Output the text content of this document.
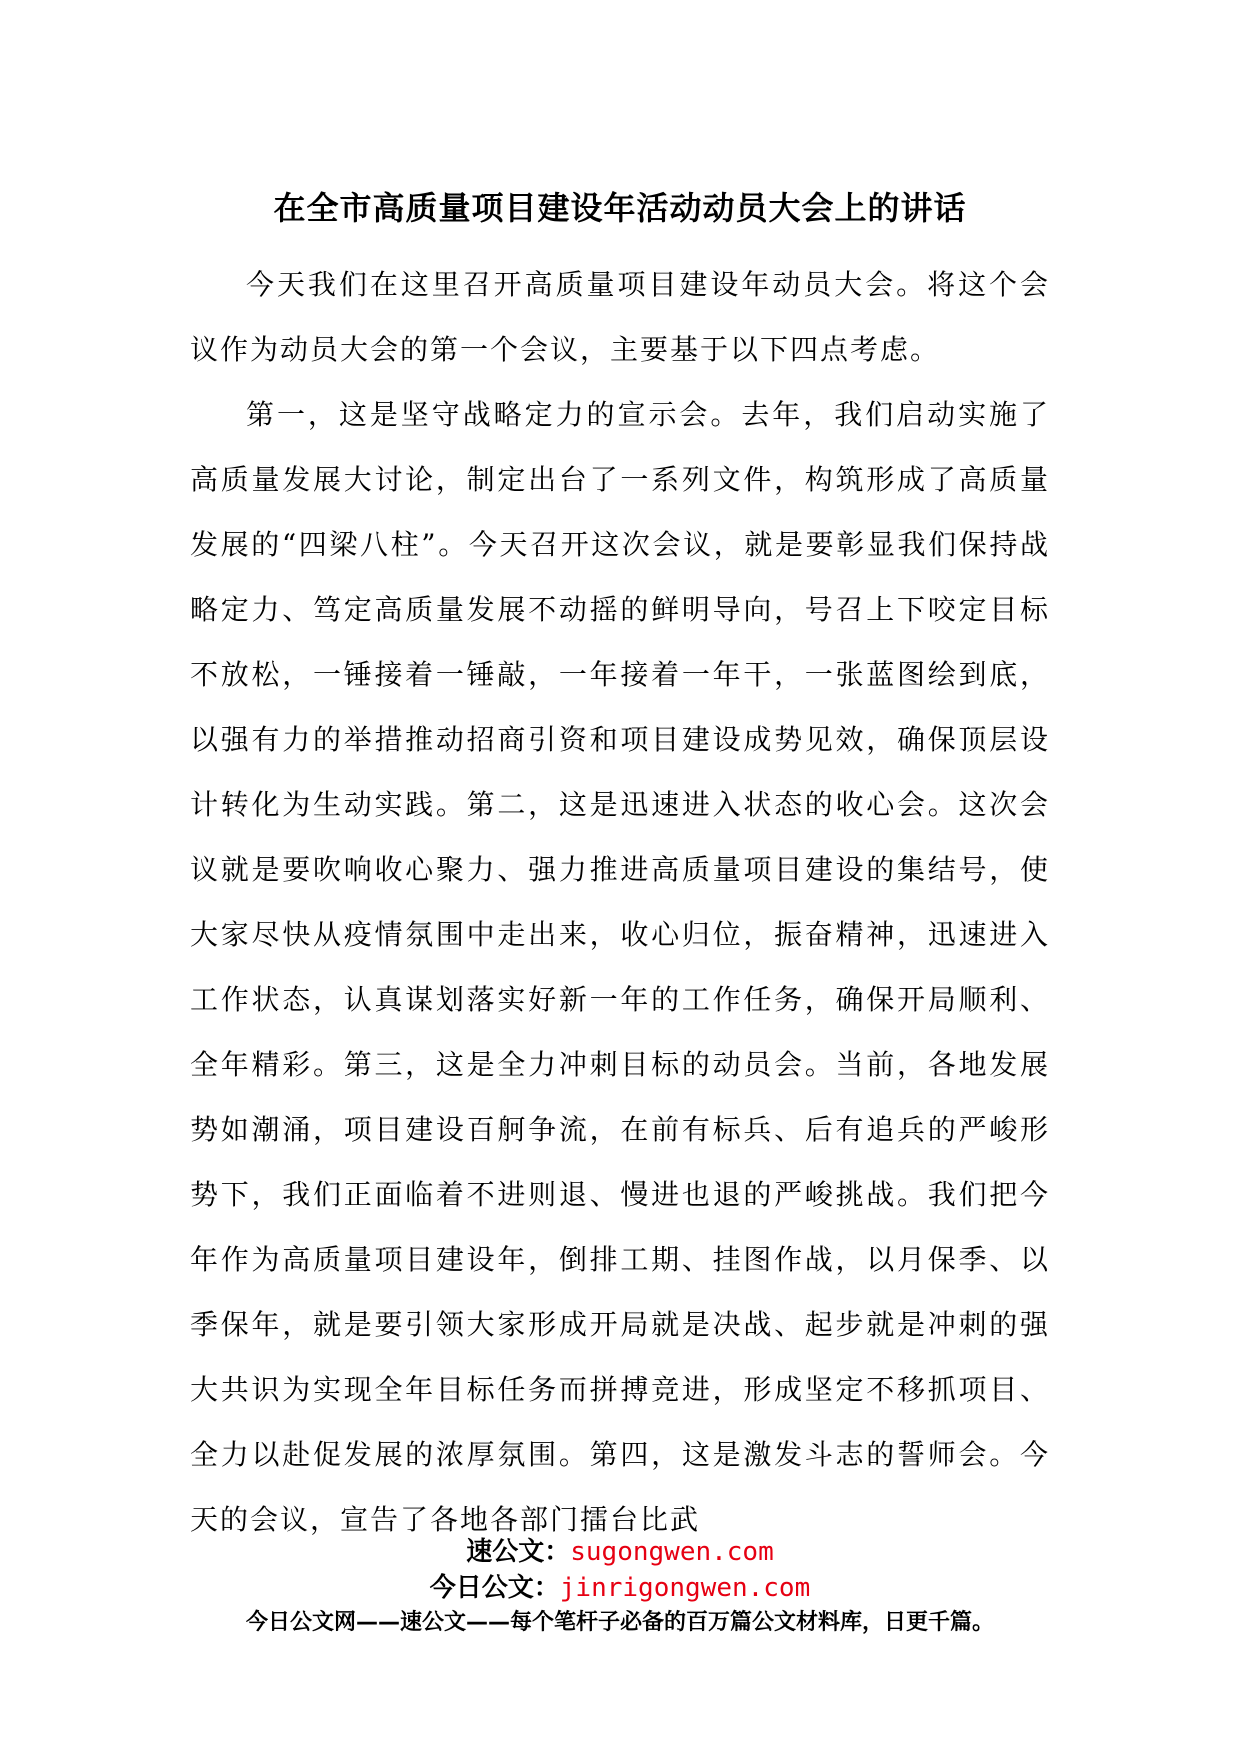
在全市高质量项目建设年活动动员大会上的讲话

今天我们在这里召开高质量项目建设年动员大会。将这个会议作为动员大会的第一个会议，主要基于以下四点考虑。

第一，这是坚守战略定力的宣示会。去年，我们启动实施了高质量发展大讨论，制定出台了一系列文件，构筑形成了高质量发展的“四梁八柱”。今天召开这次会议，就是要彰显我们保持战略定力、笃定高质量发展不动摇的鲜明导向，号召上下咬定目标不放松，一锤接着一锤敲，一年接着一年干，一张蓝图绘到底，以强有力的举措推动招商引资和项目建设成势见效，确保顶层设计转化为生动实践。第二，这是迅速进入状态的收心会。这次会议就是要吹响收心聚力、强力推进高质量项目建设的集结号，使大家尽快从疫情氛围中走出来，收心归位，振奋精神，迅速进入工作状态，认真谋划落实好新一年的工作任务，确保开局顺利、全年精彩。第三，这是全力冲刺目标的动员会。当前，各地发展势如潮涌，项目建设百舸争流，在前有标兵、后有追兵的严峻形势下，我们正面临着不进则退、慢进也退的严峻挑战。我们把今年作为高质量项目建设年，倒排工期、挂图作战，以月保季、以季保年，就是要引领大家形成开局就是决战、起步就是冲刺的强大共识为实现全年目标任务而拼搏竞进，形成坚定不移抓项目、全力以赴促发展的浓厚氛围。第四，这是激发斗志的誓师会。今天的会议，宣告了各地各部门擂台比武

速公文：sugongwen.com
今日公文：jinrigongwen.com
今日公文网——速公文——每个笔杆子必备的百万篇公文材料库，日更千篇。
